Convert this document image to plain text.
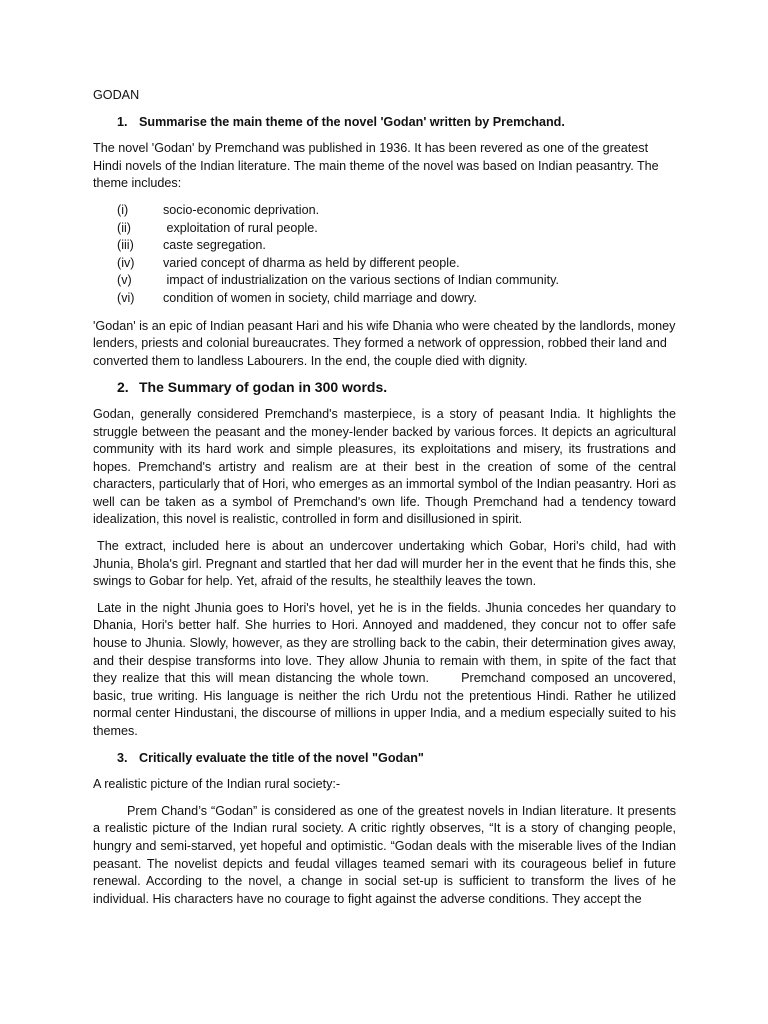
GODAN
1. Summarise the main theme of the novel 'Godan' written by Premchand.

The novel 'Godan' by Premchand was published in 1936. It has been revered as one of the greatest Hindi novels of the Indian literature. The main theme of the novel was based on Indian peasantry. The theme includes:

(i)	socio-economic deprivation.
(ii)	exploitation of rural people.
(iii)	caste segregation.
(iv)	varied concept of dharma as held by different people.
(v)	impact of industrialization on the various sections of Indian community.
(vi)	condition of women in society, child marriage and dowry.

'Godan' is an epic of Indian peasant Hari and his wife Dhania who were cheated by the landlords, money lenders, priests and colonial bureaucrates. They formed a network of oppression, robbed their land and converted them to landless Labourers. In the end, the couple died with dignity.

2. The Summary of godan in 300 words.

Godan, generally considered Premchand's masterpiece, is a story of peasant India. It highlights the struggle between the peasant and the money-lender backed by various forces. It depicts an agricultural community with its hard work and simple pleasures, its exploitations and misery, its frustrations and hopes. Premchand's artistry and realism are at their best in the creation of some of the central characters, particularly that of Hori, who emerges as an immortal symbol of the Indian peasantry. Hori as well can be taken as a symbol of Premchand's own life. Though Premchand had a tendency toward idealization, this novel is realistic, controlled in form and disillusioned in spirit.

The extract, included here is about an undercover undertaking which Gobar, Hori's child, had with Jhunia, Bhola's girl. Pregnant and startled that her dad will murder her in the event that he finds this, she swings to Gobar for help. Yet, afraid of the results, he stealthily leaves the town.

Late in the night Jhunia goes to Hori's hovel, yet he is in the fields. Jhunia concedes her quandary to Dhania, Hori's better half. She hurries to Hori. Annoyed and maddened, they concur not to offer safe house to Jhunia. Slowly, however, as they are strolling back to the cabin, their determination gives away, and their despise transforms into love. They allow Jhunia to remain with them, in spite of the fact that they realize that this will mean distancing the whole town.      Premchand composed an uncovered, basic, true writing. His language is neither the rich Urdu not the pretentious Hindi. Rather he utilized normal center Hindustani, the discourse of millions in upper India, and a medium especially suited to his themes.

3. Critically evaluate the title of the novel "Godan"

A realistic picture of the Indian rural society:-

Prem Chand’s “Godan” is considered as one of the greatest novels in Indian literature. It presents a realistic picture of the Indian rural society. A critic rightly observes, “It is a story of changing people, hungry and semi-starved, yet hopeful and optimistic. “Godan deals with the miserable lives of the Indian peasant. The novelist depicts and feudal villages teamed semari with its courageous belief in future renewal. According to the novel, a change in social set-up is sufficient to transform the lives of he individual. His characters have no courage to fight against the adverse conditions. They accept the
